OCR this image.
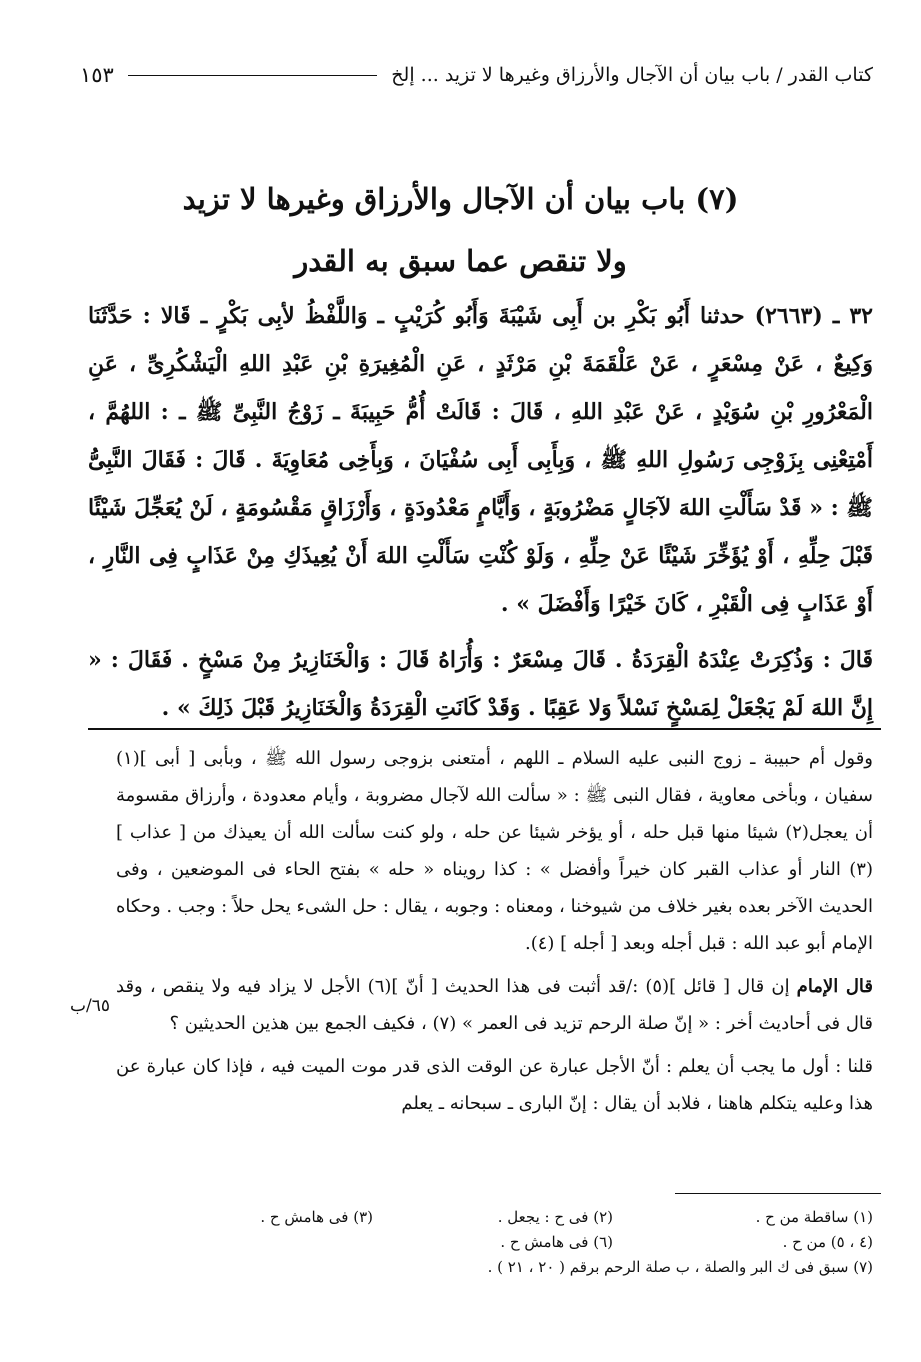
كتاب القدر / باب بيان أن الآجال والأرزاق وغيرها لا تزيد ... إلخ
١٥٣
(٧) باب بيان أن الآجال والأرزاق وغيرها لا تزيد
ولا تنقص عما سبق به القدر

٣٢ ـ (٢٦٦٣) حدثنا أَبُو بَكْرِ بن أَبِى شَيْبَةَ وَأَبُو كُرَيْبٍ ـ وَاللَّفْظُ لأبِى بَكْرٍ ـ قَالا : حَدَّثَنَا وَكِيعٌ ، عَنْ مِسْعَرٍ ، عَنْ عَلْقَمَةَ بْنِ مَرْثَدٍ ، عَنِ الْمُغِيرَةِ بْنِ عَبْدِ اللهِ الْيَشْكُرِىِّ ، عَنِ الْمَعْرُورِ بْنِ سُوَيْدٍ ، عَنْ عَبْدِ اللهِ ، قَالَ : قَالَتْ أُمُّ حَبِيبَةَ ـ زَوْجُ النَّبِىِّ ﷺ ـ : اللهُمَّ ، أَمْتِعْنِى بِزَوْجِى رَسُولِ اللهِ ﷺ ، وَبِأَبِى أَبِى سُفْيَانَ ، وَبِأَخِى مُعَاوِيَةَ . قَالَ : فَقَالَ النَّبِىُّ ﷺ : « قَدْ سَأَلْتِ اللهَ لآجَالٍ مَضْرُوبَةٍ ، وَأَيَّامٍ مَعْدُودَةٍ ، وَأَرْزَاقٍ مَقْسُومَةٍ ، لَنْ يُعَجِّلَ شَيْئًا قَبْلَ حِلِّهِ ، أَوْ يُؤَخِّرَ شَيْئًا عَنْ حِلِّهِ ، وَلَوْ كُنْتِ سَأَلْتِ اللهَ أَنْ يُعِيذَكِ مِنْ عَذَابٍ فِى النَّارِ ، أَوْ عَذَابٍ فِى الْقَبْرِ ، كَانَ خَيْرًا وَأَفْضَلَ » .

قَالَ : وَذُكِرَتْ عِنْدَهُ الْقِرَدَةُ . قَالَ مِسْعَرٌ : وَأُرَاهُ قَالَ : وَالْخَنَازِيرُ مِنْ مَسْخٍ . فَقَالَ : « إِنَّ اللهَ لَمْ يَجْعَلْ لِمَسْخٍ نَسْلاً وَلا عَقِبًا . وَقَدْ كَانَتِ الْقِرَدَةُ وَالْخَنَازِيرُ قَبْلَ ذَلِكَ » .

وقول أم حبيبة ـ زوج النبى عليه السلام ـ اللهم ، أمتعنى بزوجى رسول الله ﷺ ، وبأبى [ أبى ](١) سفيان ، وبأخى معاوية ، فقال النبى ﷺ : « سألت الله لآجال مضروبة ، وأيام معدودة ، وأرزاق مقسومة أن يعجل(٢) شيئا منها قبل حله ، أو يؤخر شيئا عن حله ، ولو كنت سألت الله أن يعيذك من [ عذاب ] (٣) النار أو عذاب القبر كان خيراً وأفضل » : كذا رويناه « حله » بفتح الحاء فى الموضعين ، وفى الحديث الآخر بعده بغير خلاف من شيوخنا ، ومعناه : وجوبه ، يقال : حل الشىء يحل حلاً : وجب . وحكاه الإمام أبو عبد الله : قبل أجله وبعد [ أجله ] (٤).

قال الإمام إن قال [ قائل ](٥) :/قد أثبت فى هذا الحديث [ أنّ ](٦) الأجل لا يزاد فيه ولا ينقص ، وقد قال فى أحاديث أخر : « إنّ صلة الرحم تزيد فى العمر » (٧) ، فكيف الجمع بين هذين الحديثين ؟

قلنا : أول ما يجب أن يعلم : أنّ الأجل عبارة عن الوقت الذى قدر موت الميت فيه ، فإذا كان عبارة عن هذا وعليه يتكلم هاهنا ، فلابد أن يقال : إنّ البارى ـ سبحانه ـ يعلم

٦٥/ب
(١) ساقطة من ح .
(٢) فى ح : يجعل .
(٣) فى هامش ح .
(٤ ، ٥) من ح .
(٦) فى هامش ح .
(٧) سبق فى ك البر والصلة ، ب صلة الرحم برقم ( ٢٠ ، ٢١ ) .
